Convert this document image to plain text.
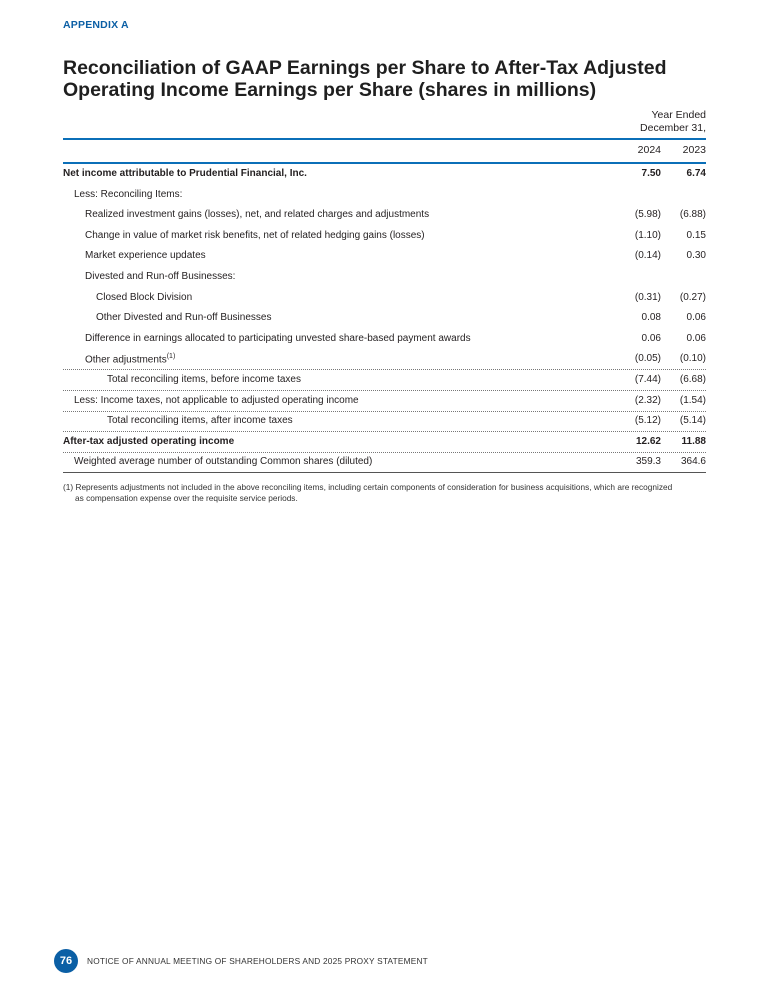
APPENDIX A
Reconciliation of GAAP Earnings per Share to After-Tax Adjusted Operating Income Earnings per Share (shares in millions)
Year Ended
December 31,
2024 2023
Net income attributable to Prudential Financial, Inc.	7.50	6.74
Less: Reconciling Items:
Realized investment gains (losses), net, and related charges and adjustments	(5.98)	(6.88)
Change in value of market risk benefits, net of related hedging gains (losses)	(1.10)	0.15
Market experience updates	(0.14)	0.30
Divested and Run-off Businesses:
Closed Block Division	(0.31)	(0.27)
Other Divested and Run-off Businesses	0.08	0.06
Difference in earnings allocated to participating unvested share-based payment awards	0.06	0.06
Other adjustments$^{(1)}$	(0.05)	(0.10)
Total reconciling items, before income taxes	(7.44)	(6.68)
Less: Income taxes, not applicable to adjusted operating income	(2.32)	(1.54)
Total reconciling items, after income taxes	(5.12)	(5.14)
After-tax adjusted operating income	12.62	11.88
Weighted average number of outstanding Common shares (diluted)	359.3	364.6
(1) Represents adjustments not included in the above reconciling items, including certain components of consideration for business acquisitions, which are recognized
as compensation expense over the requisite service periods.
76	NOTICE OF ANNUAL MEETING OF SHAREHOLDERS AND 2025 PROXY STATEMENT
